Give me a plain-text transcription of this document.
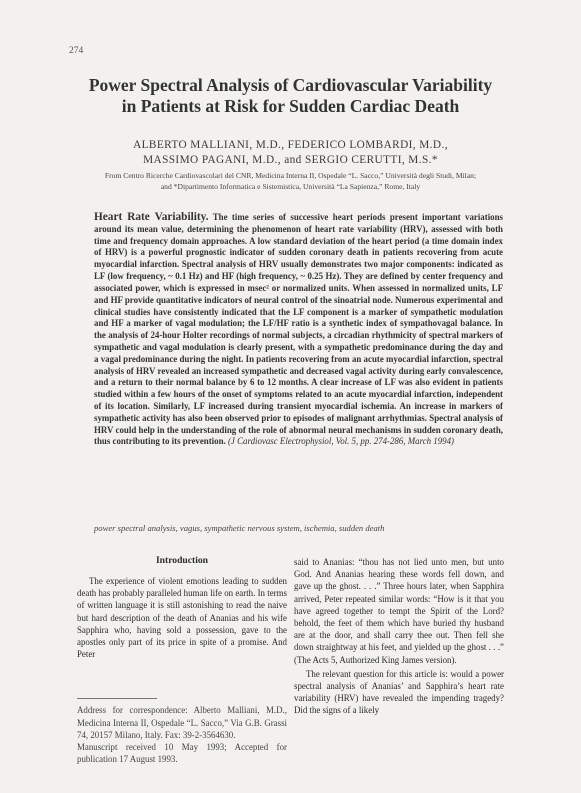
274
Power Spectral Analysis of Cardiovascular Variability
in Patients at Risk for Sudden Cardiac Death
ALBERTO MALLIANI, M.D., FEDERICO LOMBARDI, M.D.,
MASSIMO PAGANI, M.D., and SERGIO CERUTTI, M.S.*
From Centro Ricerche Cardiovascolari del CNR, Medicina Interna II, Ospedale “L. Sacco,” Università degli Studi, Milan;
and *Dipartimento Informatica e Sistemistica, Università “La Sapienza,” Rome, Italy

Heart Rate Variability. The time series of successive heart periods present important variations around its mean value, determining the phenomenon of heart rate variability (HRV), assessed with both time and frequency domain approaches. A low standard deviation of the heart period (a time domain index of HRV) is a powerful prognostic indicator of sudden coronary death in patients recovering from acute myocardial infarction. Spectral analysis of HRV usually demonstrates two major components: indicated as LF (low frequency, ~ 0.1 Hz) and HF (high frequency, ~ 0.25 Hz). They are defined by center frequency and associated power, which is expressed in msec² or normalized units. When assessed in normalized units, LF and HF provide quantitative indicators of neural control of the sinoatrial node. Numerous experimental and clinical studies have consistently indicated that the LF component is a marker of sympathetic modulation and HF a marker of vagal modulation; the LF/HF ratio is a synthetic index of sympathovagal balance. In the analysis of 24-hour Holter recordings of normal subjects, a circadian rhythmicity of spectral markers of sympathetic and vagal modulation is clearly present, with a sympathetic predominance during the day and a vagal predominance during the night. In patients recovering from an acute myocardial infarction, spectral analysis of HRV revealed an increased sympathetic and decreased vagal activity during early convalescence, and a return to their normal balance by 6 to 12 months. A clear increase of LF was also evident in patients studied within a few hours of the onset of symptoms related to an acute myocardial infarction, independent of its location. Similarly, LF increased during transient myocardial ischemia. An increase in markers of sympathetic activity has also been observed prior to episodes of malignant arrhythmias. Spectral analysis of HRV could help in the understanding of the role of abnormal neural mechanisms in sudden coronary death, thus contributing to its prevention. (J Cardiovasc Electrophysiol, Vol. 5, pp. 274-286, March 1994)

power spectral analysis, vagus, sympathetic nervous system, ischemia, sudden death
Introduction

The experience of violent emotions leading to sudden death has probably paralleled human life on earth. In terms of written language it is still astonishing to read the naive but hard description of the death of Ananias and his wife Sapphira who, having sold a possession, gave to the apostles only part of its price in spite of a promise. And Peter

Address for correspondence: Alberto Malliani, M.D., Medicina Interna II, Ospedale “L. Sacco,” Via G.B. Grassi 74, 20157 Milano, Italy. Fax: 39-2-3564630.

Manuscript received 10 May 1993; Accepted for publication 17 August 1993.

said to Ananias: “thou has not lied unto men, but unto God. And Ananias hearing these words fell down, and gave up the ghost. . . .” Three hours later, when Sapphira arrived, Peter repeated similar words: “How is it that you have agreed together to tempt the Spirit of the Lord? behold, the feet of them which have buried thy husband are at the door, and shall carry thee out. Then fell she down straightway at his feet, and yielded up the ghost . . .” (The Acts 5, Authorized King James version).

The relevant question for this article is: would a power spectral analysis of Ananias’ and Sapphira’s heart rate variability (HRV) have revealed the impending tragedy? Did the signs of a likely
